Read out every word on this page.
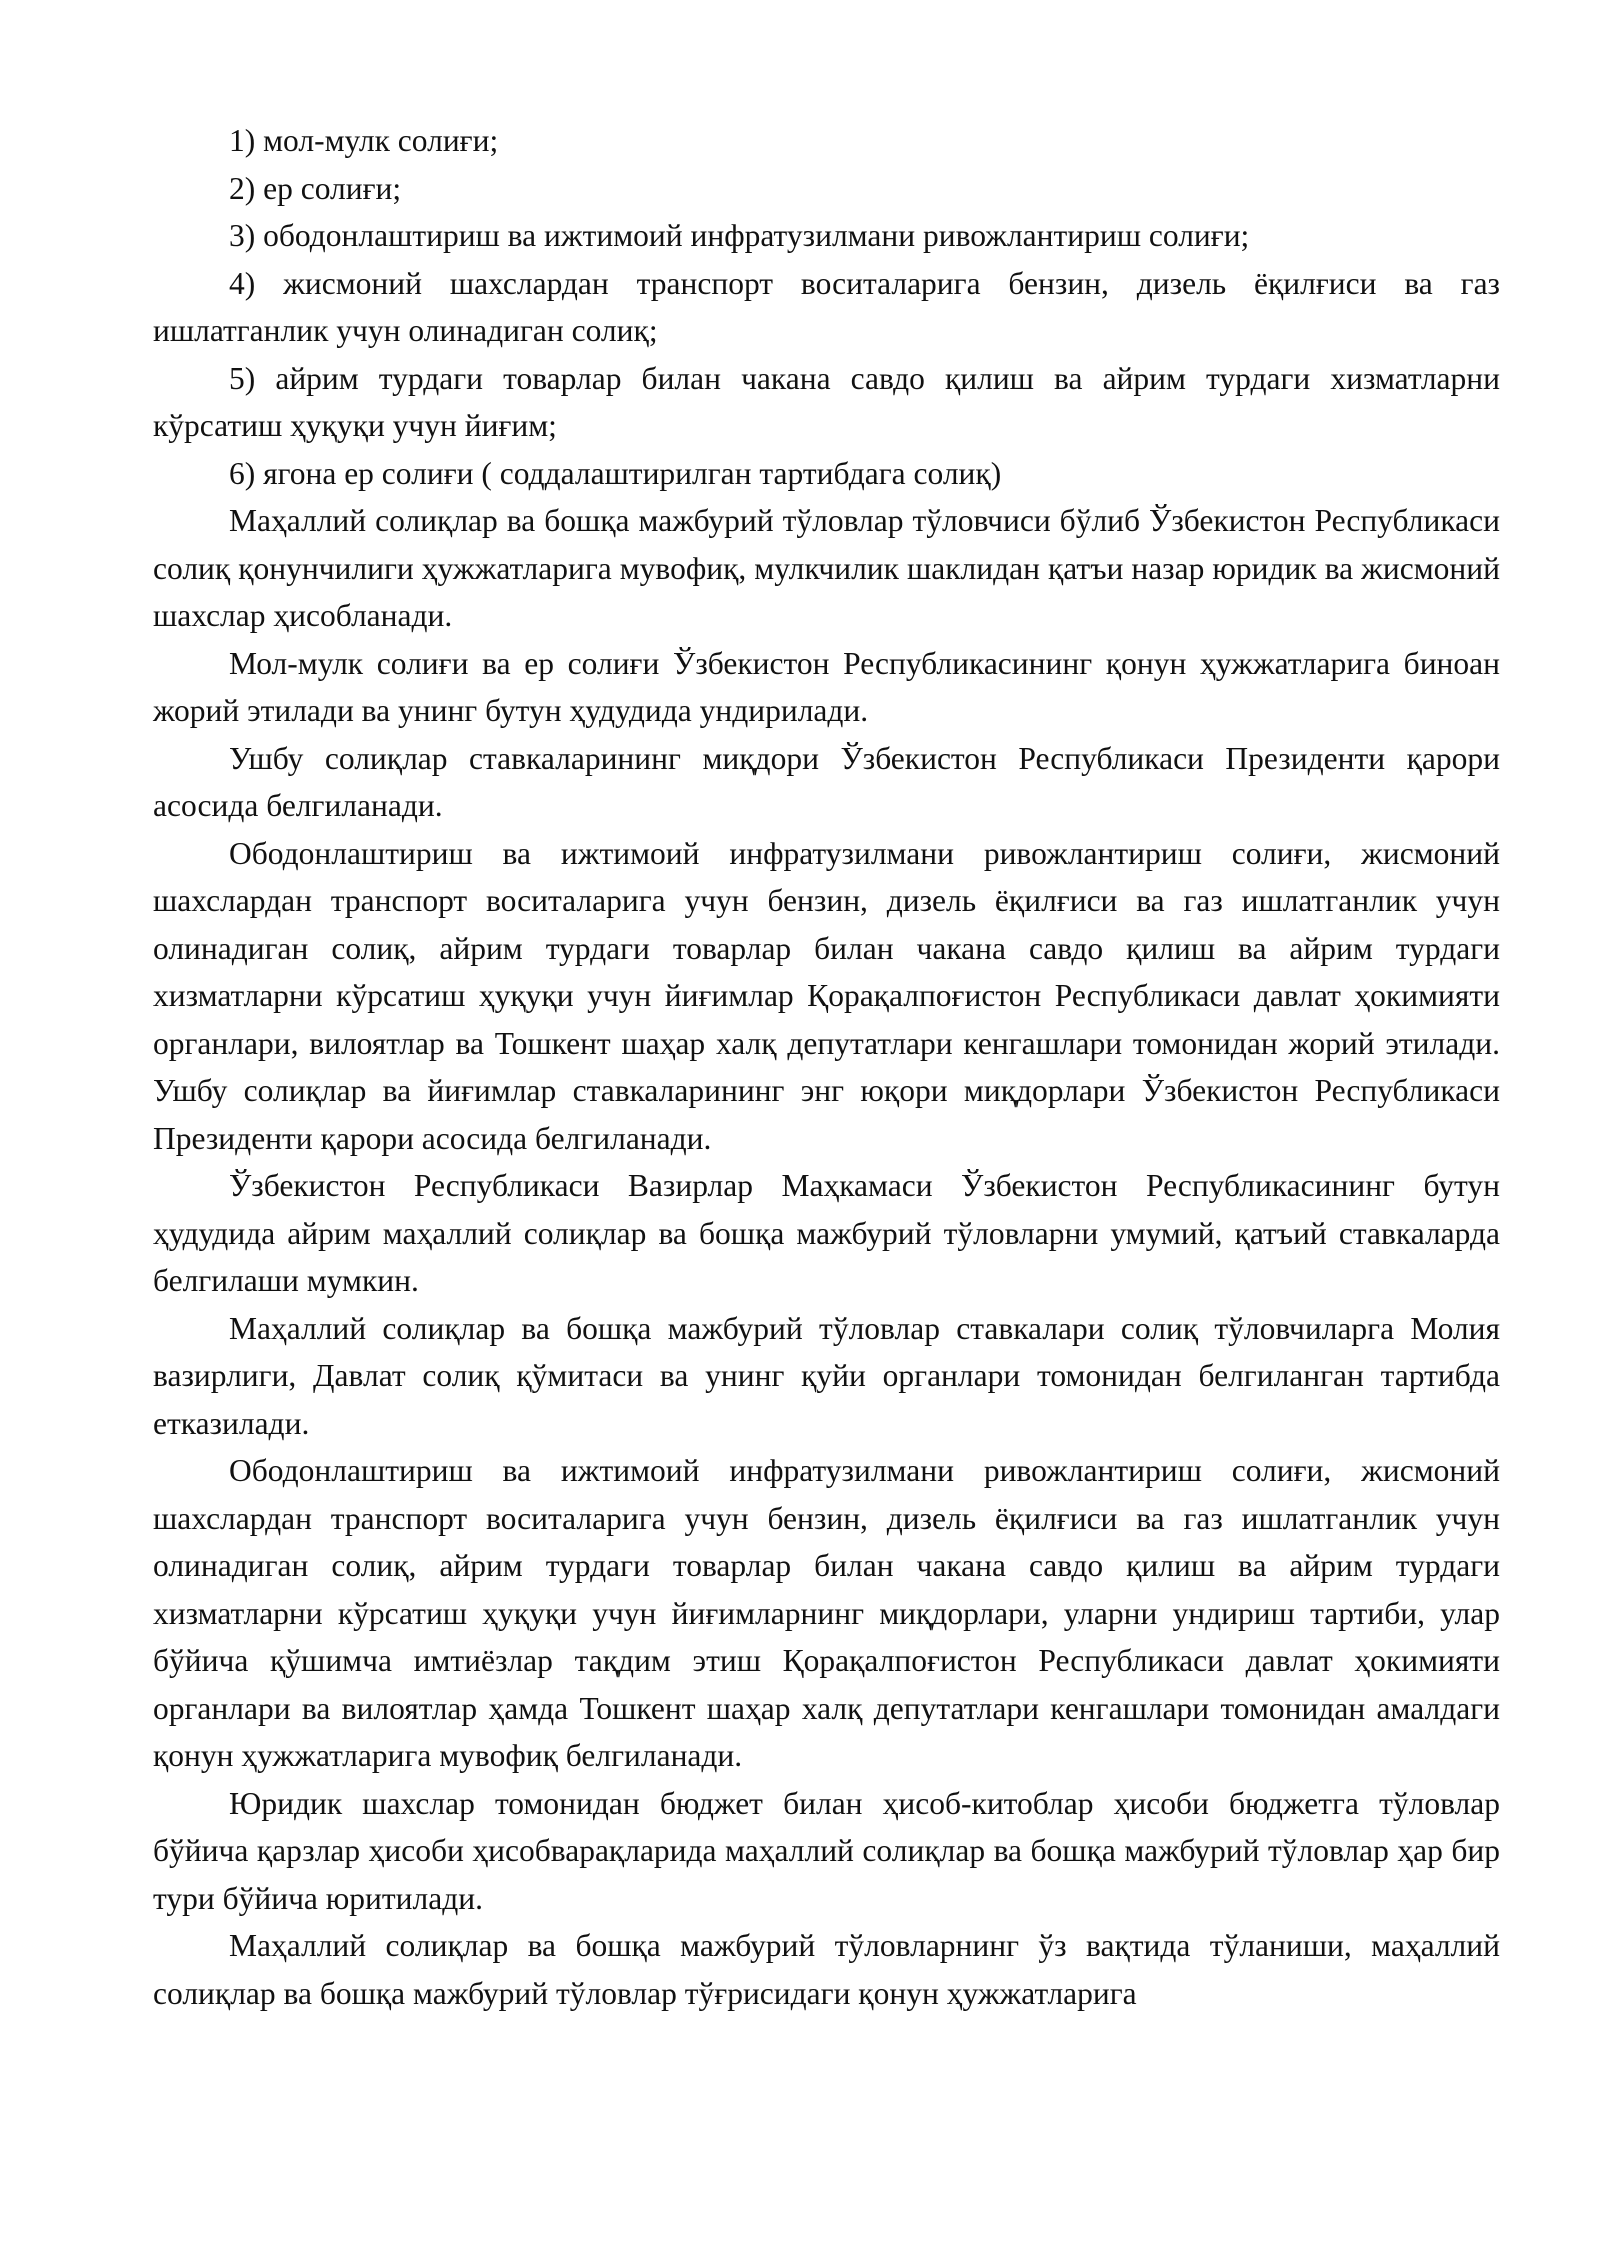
1) мол-мулк солиғи;

2) ер солиғи;

3) ободонлаштириш ва ижтимоий инфратузилмани ривожлантириш солиғи;

4) жисмоний шахслардан транспорт воситаларига бензин, дизель ёқилғиси ва газ ишлатганлик учун олинадиган солиқ;

5) айрим турдаги товарлар билан чакана савдо қилиш ва айрим турдаги хизматларни кўрсатиш ҳуқуқи учун йиғим;

6) ягона ер солиғи ( соддалаштирилган тартибдага солиқ)

Маҳаллий солиқлар ва бошқа мажбурий тўловлар тўловчиси бўлиб Ўзбекистон Республикаси солиқ қонунчилиги ҳужжатларига мувофиқ, мулкчилик шаклидан қатъи назар юридик ва жисмоний шахслар ҳисобланади.

Мол-мулк солиғи ва ер солиғи Ўзбекистон Республикасининг қонун ҳужжатларига биноан жорий этилади ва унинг бутун ҳудудида ундирилади.

Ушбу солиқлар ставкаларининг миқдори Ўзбекистон Республикаси Президенти қарори асосида белгиланади.

Ободонлаштириш ва ижтимоий инфратузилмани ривожлантириш солиғи, жисмоний шахслардан транспорт воситаларига учун бензин, дизель ёқилғиси ва газ ишлатганлик учун олинадиган солиқ, айрим турдаги товарлар билан чакана савдо қилиш ва айрим турдаги хизматларни кўрсатиш ҳуқуқи учун йиғимлар Қорақалпоғистон Республикаси давлат ҳокимияти органлари, вилоятлар ва Тошкент шаҳар халқ депутатлари кенгашлари томонидан жорий этилади. Ушбу солиқлар ва йиғимлар ставкаларининг энг юқори миқдорлари Ўзбекистон Республикаси Президенти қарори асосида белгиланади.

Ўзбекистон Республикаси Вазирлар Маҳкамаси Ўзбекистон Республикасининг бутун ҳудудида айрим маҳаллий солиқлар ва бошқа мажбурий тўловларни умумий, қатъий ставкаларда белгилаши мумкин.

Маҳаллий солиқлар ва бошқа мажбурий тўловлар ставкалари солиқ тўловчиларга Молия вазирлиги, Давлат солиқ қўмитаси ва унинг қуйи органлари томонидан белгиланган тартибда етказилади.

Ободонлаштириш ва ижтимоий инфратузилмани ривожлантириш солиғи, жисмоний шахслардан транспорт воситаларига учун бензин, дизель ёқилғиси ва газ ишлатганлик учун олинадиган солиқ, айрим турдаги товарлар билан чакана савдо қилиш ва айрим турдаги хизматларни кўрсатиш ҳуқуқи учун йиғимларнинг миқдорлари, уларни ундириш тартиби, улар бўйича қўшимча имтиёзлар тақдим этиш Қорақалпоғистон Республикаси давлат ҳокимияти органлари ва вилоятлар ҳамда Тошкент шаҳар халқ депутатлари кенгашлари томонидан амалдаги қонун ҳужжатларига мувофиқ белгиланади.

Юридик шахслар томонидан бюджет билан ҳисоб-китоблар ҳисоби бюджетга тўловлар бўйича қарзлар ҳисоби ҳисобварақларида маҳаллий солиқлар ва бошқа мажбурий тўловлар ҳар бир тури бўйича юритилади.

Маҳаллий солиқлар ва бошқа мажбурий тўловларнинг ўз вақтида тўланиши, маҳаллий солиқлар ва бошқа мажбурий тўловлар тўғрисидаги қонун ҳужжатларига
